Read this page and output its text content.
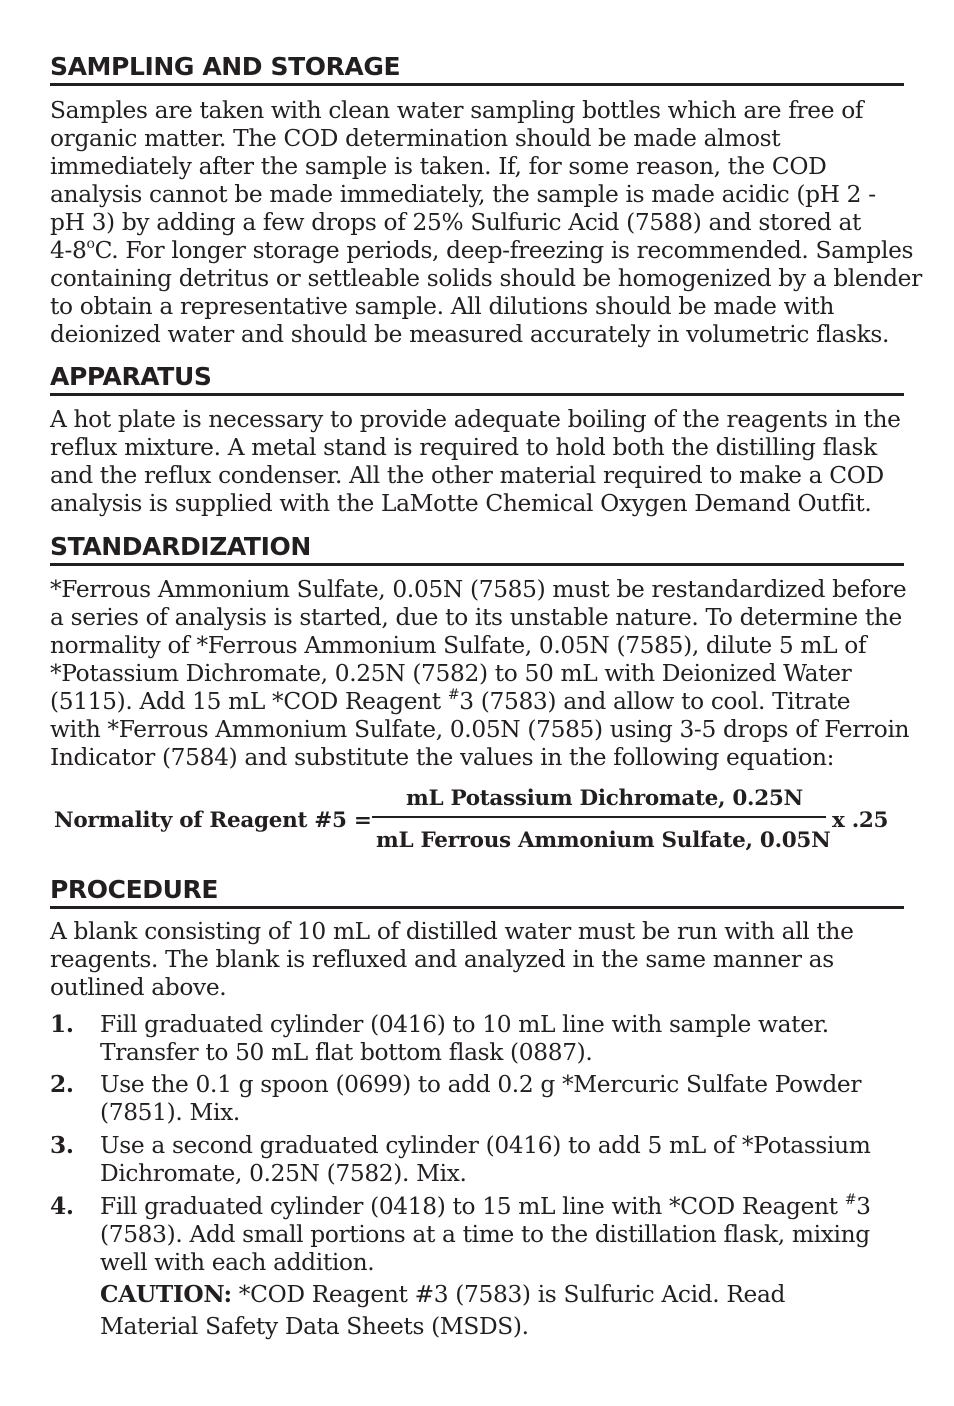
SAMPLING AND STORAGE
Samples are taken with clean water sampling bottles which are free of
organic matter. The COD determination should be made almost
immediately after the sample is taken. If, for some reason, the COD
analysis cannot be made immediately, the sample is made acidic (pH 2 -
pH 3) by adding a few drops of 25% Sulfuric Acid (7588) and stored at
4-8$^o$C. For longer storage periods, deep-freezing is recommended. Samples
containing detritus or settleable solids should be homogenized by a blender
to obtain a representative sample. All dilutions should be made with
deionized water and should be measured accurately in volumetric flasks.
APPARATUS
A hot plate is necessary to provide adequate boiling of the reagents in the
reflux mixture. A metal stand is required to hold both the distilling flask
and the reflux condenser. All the other material required to make a COD
analysis is supplied with the LaMotte Chemical Oxygen Demand Outfit.
STANDARDIZATION
*Ferrous Ammonium Sulfate, 0.05N (7585) must be restandardized before
a series of analysis is started, due to its unstable nature. To determine the
normality of *Ferrous Ammonium Sulfate, 0.05N (7585), dilute 5 mL of
*Potassium Dichromate, 0.25N (7582) to 50 mL with Deionized Water
(5115). Add 15 mL *COD Reagent #3 (7583) and allow to cool. Titrate
with *Ferrous Ammonium Sulfate, 0.05N (7585) using 3-5 drops of Ferroin
Indicator (7584) and substitute the values in the following equation:
Normality of Reagent #5 =
mL Potassium Dichromate, 0.25N
mL Ferrous Ammonium Sulfate, 0.05N
x .25
PROCEDURE
A blank consisting of 10 mL of distilled water must be run with all the
reagents. The blank is refluxed and analyzed in the same manner as
outlined above.
1. Fill graduated cylinder (0416) to 10 mL line with sample water.
Transfer to 50 mL flat bottom flask (0887).
2. Use the 0.1 g spoon (0699) to add 0.2 g *Mercuric Sulfate Powder
(7851). Mix.
3. Use a second graduated cylinder (0416) to add 5 mL of *Potassium
Dichromate, 0.25N (7582). Mix.
4. Fill graduated cylinder (0418) to 15 mL line with *COD Reagent #3
(7583). Add small portions at a time to the distillation flask, mixing
well with each addition.
CAUTION: *COD Reagent #3 (7583) is Sulfuric Acid. Read
Material Safety Data Sheets (MSDS).
